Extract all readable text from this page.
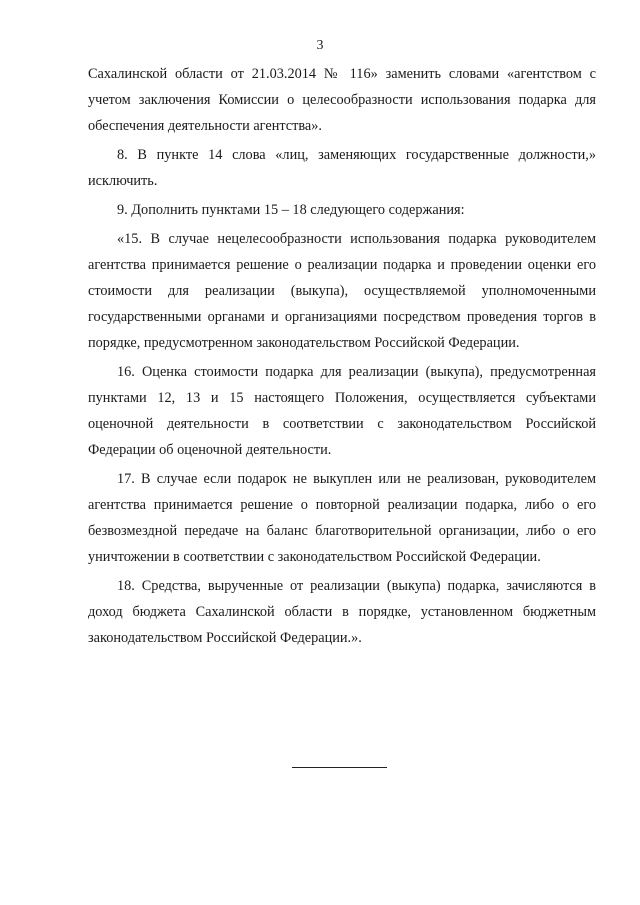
3

Сахалинской области от 21.03.2014 № 116» заменить словами «агентством с учетом заключения Комиссии о целесообразности использования подарка для обеспечения деятельности агентства».

8. В пункте 14 слова «лиц, заменяющих государственные должности,» исключить.

9. Дополнить пунктами 15 – 18 следующего содержания:

«15. В случае нецелесообразности использования подарка руководителем агентства принимается решение о реализации подарка и проведении оценки его стоимости для реализации (выкупа), осуществляемой уполномоченными государственными органами и организациями посредством проведения торгов в порядке, предусмотренном законодательством Российской Федерации.

16. Оценка стоимости подарка для реализации (выкупа), предусмотренная пунктами 12, 13 и 15 настоящего Положения, осуществляется субъектами оценочной деятельности в соответствии с законодательством Российской Федерации об оценочной деятельности.

17. В случае если подарок не выкуплен или не реализован, руководителем агентства принимается решение о повторной реализации подарка, либо о его безвозмездной передаче на баланс благотворительной организации, либо о его уничтожении в соответствии с законодательством Российской Федерации.

18. Средства, вырученные от реализации (выкупа) подарка, зачисляются в доход бюджета Сахалинской области в порядке, установленном бюджетным законодательством Российской Федерации.».
